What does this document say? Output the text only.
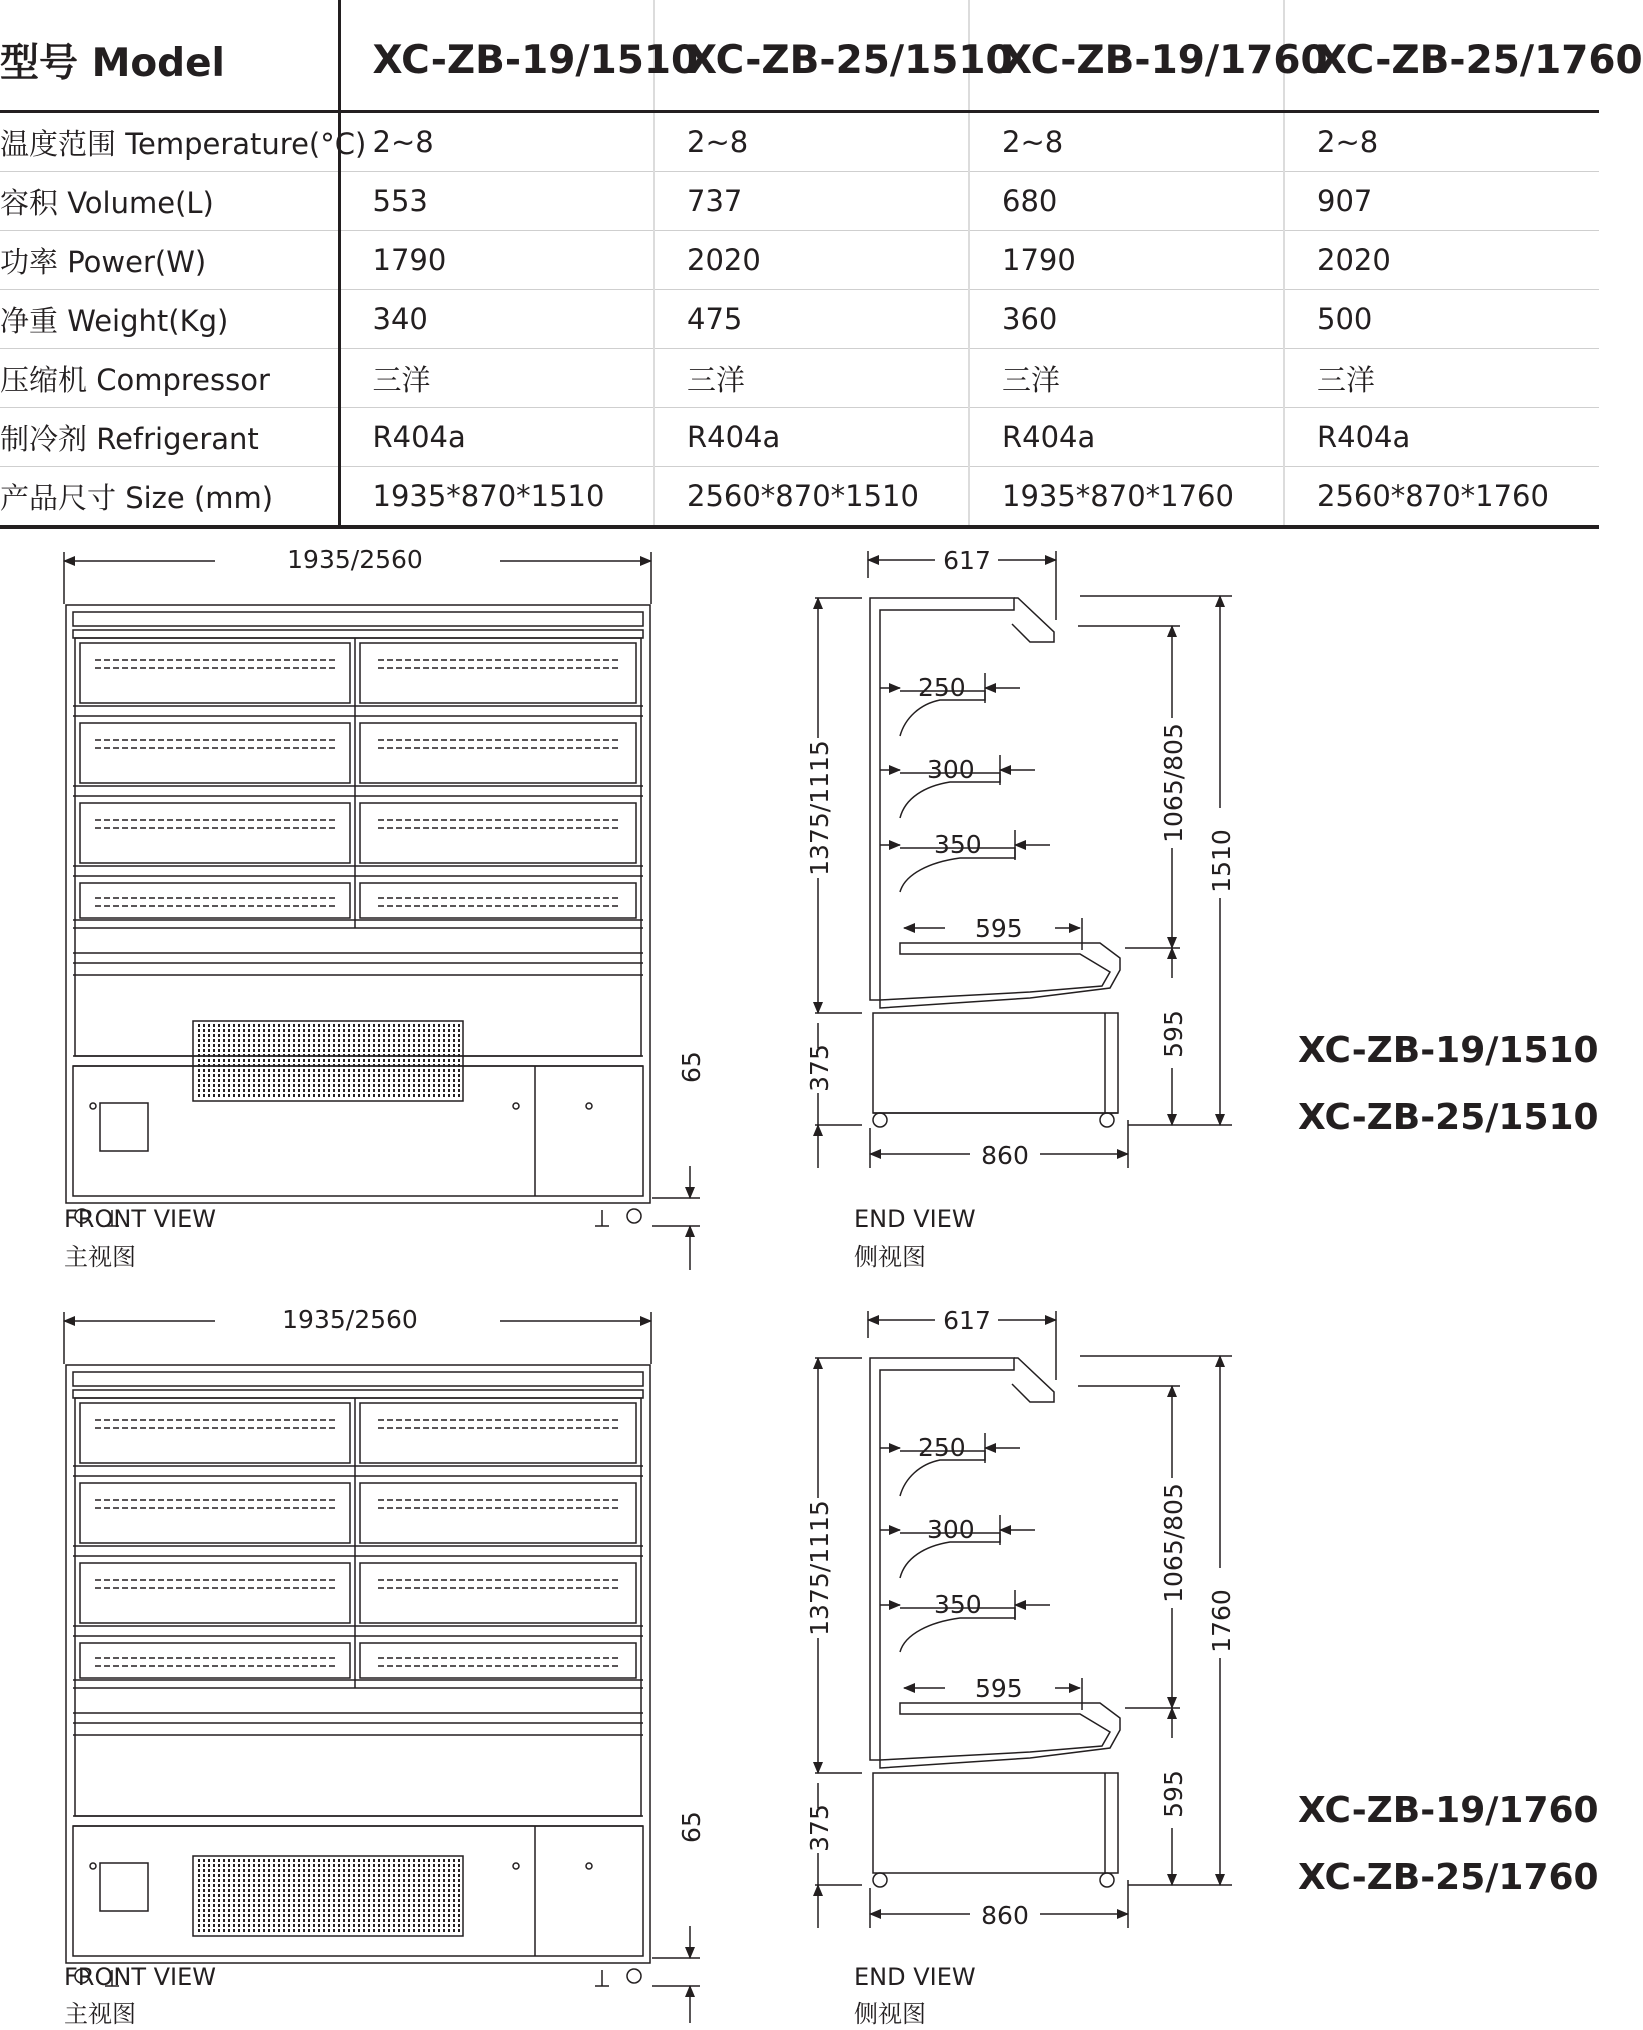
型号 Model	XC-ZB-19/1510	XC-ZB-25/1510	XC-ZB-19/1760	XC-ZB-25/1760
温度范围 Temperature(°C)	2~8	2~8	2~8	2~8
容积 Volume(L)	553	737	680	907
功率 Power(W)	1790	2020	1790	2020
净重 Weight(Kg)	340	475	360	500
压缩机 Compressor	三洋	三洋	三洋	三洋
制冷剂 Refrigerant	R404a	R404a	R404a	R404a
产品尺寸 Size (mm)	1935*870*1510	2560*870*1510	1935*870*1760	2560*870*1760
1935/2560
65
617
250
300
350
595
860
1375/1115
375
1065/805
595
1510
FRONT VIEW
主视图
END VIEW
侧视图
XC-ZB-19/1510
XC-ZB-25/1510
1935/2560
65
617
250
300
350
595
860
1375/1115
375
1065/805
595
1760
FRONT VIEW
主视图
END VIEW
侧视图
XC-ZB-19/1760
XC-ZB-25/1760
